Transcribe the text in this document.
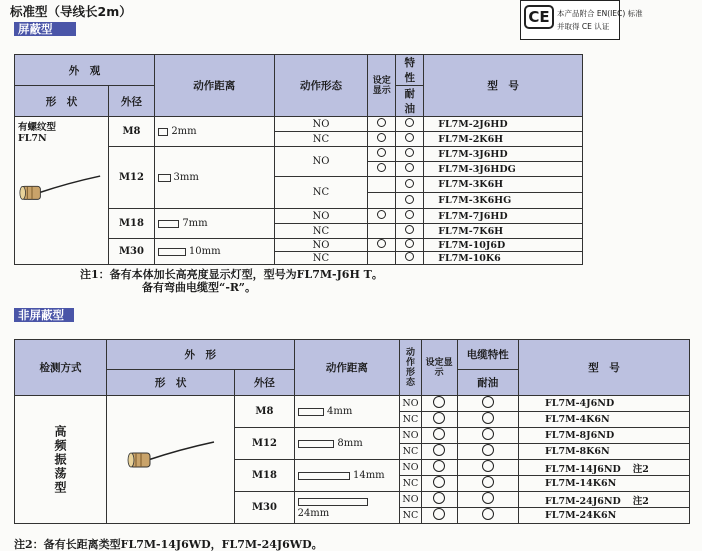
标准型（导线长2m）	CE 本产品附合 EN(IEC) 标准
并取得 CE 认证
屏蔽型
外　观		动作距离	动作形态	设定显示	特性	型　号
形　状	外径				耐油	

有螺纹型
FL7N	M8	2mm	NO			FL7M-2J6HD
			NC			FL7M-2K6H
	M12	3mm	NO			FL7M-3J6HD
						FL7M-3J6HDG
			NC			FL7M-3K6H
						FL7M-3K6HG
	M18	7mm	NO			FL7M-7J6HD
			NC			FL7M-7K6H
	M30	10mm	NO			FL7M-10J6D
			NC			FL7M-10K6
注1：备有本体加长高亮度显示灯型，型号为FL7M-J6H T。
备有弯曲电缆型“-R”。
非屏蔽型
检测方式	外　形		动作距离	动作形态	设定显示	电缆特性	型　号
	形　状	外径				耐油	

高频振荡型		M8	4mm	NO			FL7M-4J6ND
				NC			FL7M-4K6N
		M12	8mm	NO			FL7M-8J6ND
				NC			FL7M-8K6N
		M18	14mm	NO			FL7M-14J6ND 注2
				NC			FL7M-14K6N
		M30	24mm	NO			FL7M-24J6ND 注2
				NC			FL7M-24K6N
注2：备有长距离类型FL7M-14J6WD，FL7M-24J6WD。
